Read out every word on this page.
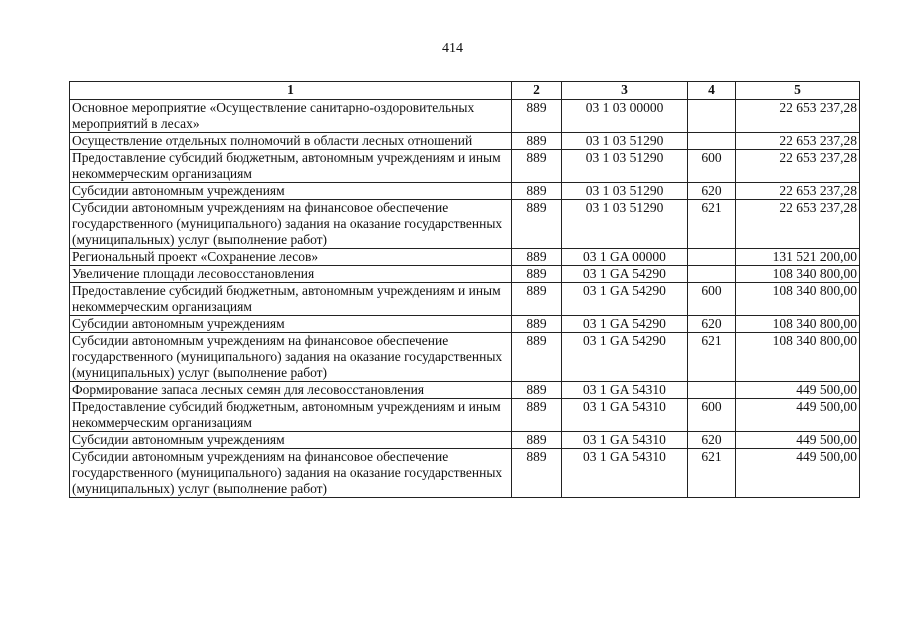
414
1	2	3	4	5
Основное мероприятие «Осуществление санитарно-оздоровительных мероприятий в лесах»	889	03 1 03 00000		22 653 237,28
Осуществление отдельных полномочий в области лесных отношений	889	03 1 03 51290		22 653 237,28
Предоставление субсидий бюджетным, автономным учреждениям и иным некоммерческим организациям	889	03 1 03 51290	600	22 653 237,28
Субсидии автономным учреждениям	889	03 1 03 51290	620	22 653 237,28
Субсидии автономным учреждениям на финансовое обеспечение государственного (муниципального) задания на оказание государственных (муниципальных) услуг (выполнение работ)	889	03 1 03 51290	621	22 653 237,28
Региональный проект «Сохранение лесов»	889	03 1 GA 00000		131 521 200,00
Увеличение площади лесовосстановления	889	03 1 GA 54290		108 340 800,00
Предоставление субсидий бюджетным, автономным учреждениям и иным некоммерческим организациям	889	03 1 GA 54290	600	108 340 800,00
Субсидии автономным учреждениям	889	03 1 GA 54290	620	108 340 800,00
Субсидии автономным учреждениям на финансовое обеспечение государственного (муниципального) задания на оказание государственных (муниципальных) услуг (выполнение работ)	889	03 1 GA 54290	621	108 340 800,00
Формирование запаса лесных семян для лесовосстановления	889	03 1 GA 54310		449 500,00
Предоставление субсидий бюджетным, автономным учреждениям и иным некоммерческим организациям	889	03 1 GA 54310	600	449 500,00
Субсидии автономным учреждениям	889	03 1 GA 54310	620	449 500,00
Субсидии автономным учреждениям на финансовое обеспечение государственного (муниципального) задания на оказание государственных (муниципальных) услуг (выполнение работ)	889	03 1 GA 54310	621	449 500,00
